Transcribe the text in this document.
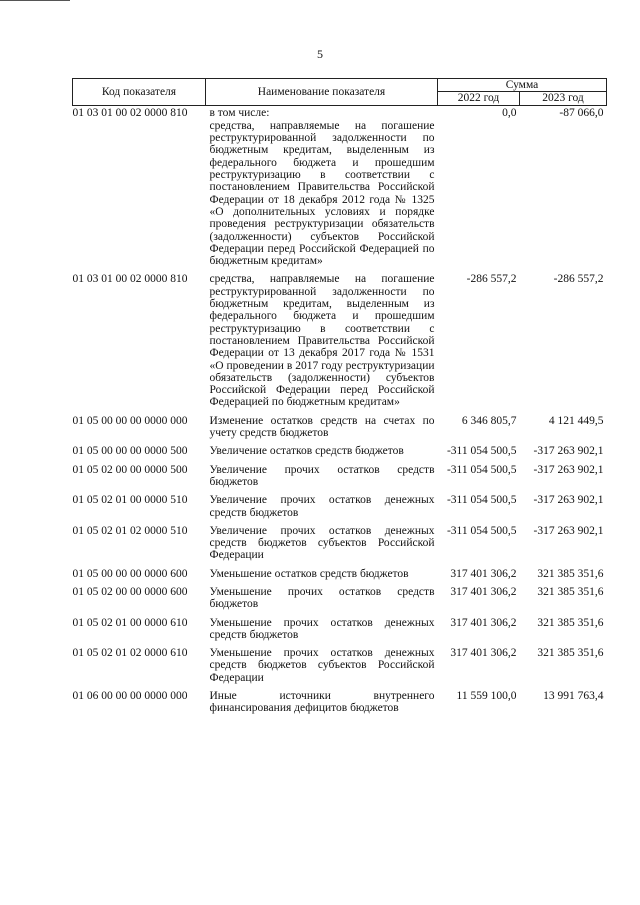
5
Код показателя	Наименование показателя	Сумма	
		2022 год	2023 год
01 03 01 00 02 0000 810	в том числе:	0,0	-87 066,0
	средства, направляемые на погашение реструктурированной задолженности по бюджетным кредитам, выделенным из федерального бюджета и прошедшим реструктуризацию в соответствии с постановлением Правительства Российской Федерации от 18 декабря 2012 года № 1325 «О дополнительных условиях и порядке проведения реструктуризации обязательств (задолженности) субъектов Российской Федерации перед Российской Федерацией по бюджетным кредитам»		
01 03 01 00 02 0000 810	средства, направляемые на погашение реструктурированной задолженности по бюджетным кредитам, выделенным из федерального бюджета и прошедшим реструктуризацию в соответствии с постановлением Правительства Российской Федерации от 13 декабря 2017 года № 1531 «О проведении в 2017 году реструктуризации обязательств (задолженности) субъектов Российской Федерации перед Российской Федерацией по бюджетным кредитам»	-286 557,2	-286 557,2
01 05 00 00 00 0000 000	Изменение остатков средств на счетах по учету средств бюджетов	6 346 805,7	4 121 449,5
01 05 00 00 00 0000 500	Увеличение остатков средств бюджетов	-311 054 500,5	-317 263 902,1
01 05 02 00 00 0000 500	Увеличение прочих остатков средств бюджетов	-311 054 500,5	-317 263 902,1
01 05 02 01 00 0000 510	Увеличение прочих остатков денежных средств бюджетов	-311 054 500,5	-317 263 902,1
01 05 02 01 02 0000 510	Увеличение прочих остатков денежных средств бюджетов субъектов Российской Федерации	-311 054 500,5	-317 263 902,1
01 05 00 00 00 0000 600	Уменьшение остатков средств бюджетов	317 401 306,2	321 385 351,6
01 05 02 00 00 0000 600	Уменьшение прочих остатков средств бюджетов	317 401 306,2	321 385 351,6
01 05 02 01 00 0000 610	Уменьшение прочих остатков денежных средств бюджетов	317 401 306,2	321 385 351,6
01 05 02 01 02 0000 610	Уменьшение прочих остатков денежных средств бюджетов субъектов Российской Федерации	317 401 306,2	321 385 351,6
01 06 00 00 00 0000 000	Иные источники внутреннего финансирования дефицитов бюджетов	11 559 100,0	13 991 763,4
